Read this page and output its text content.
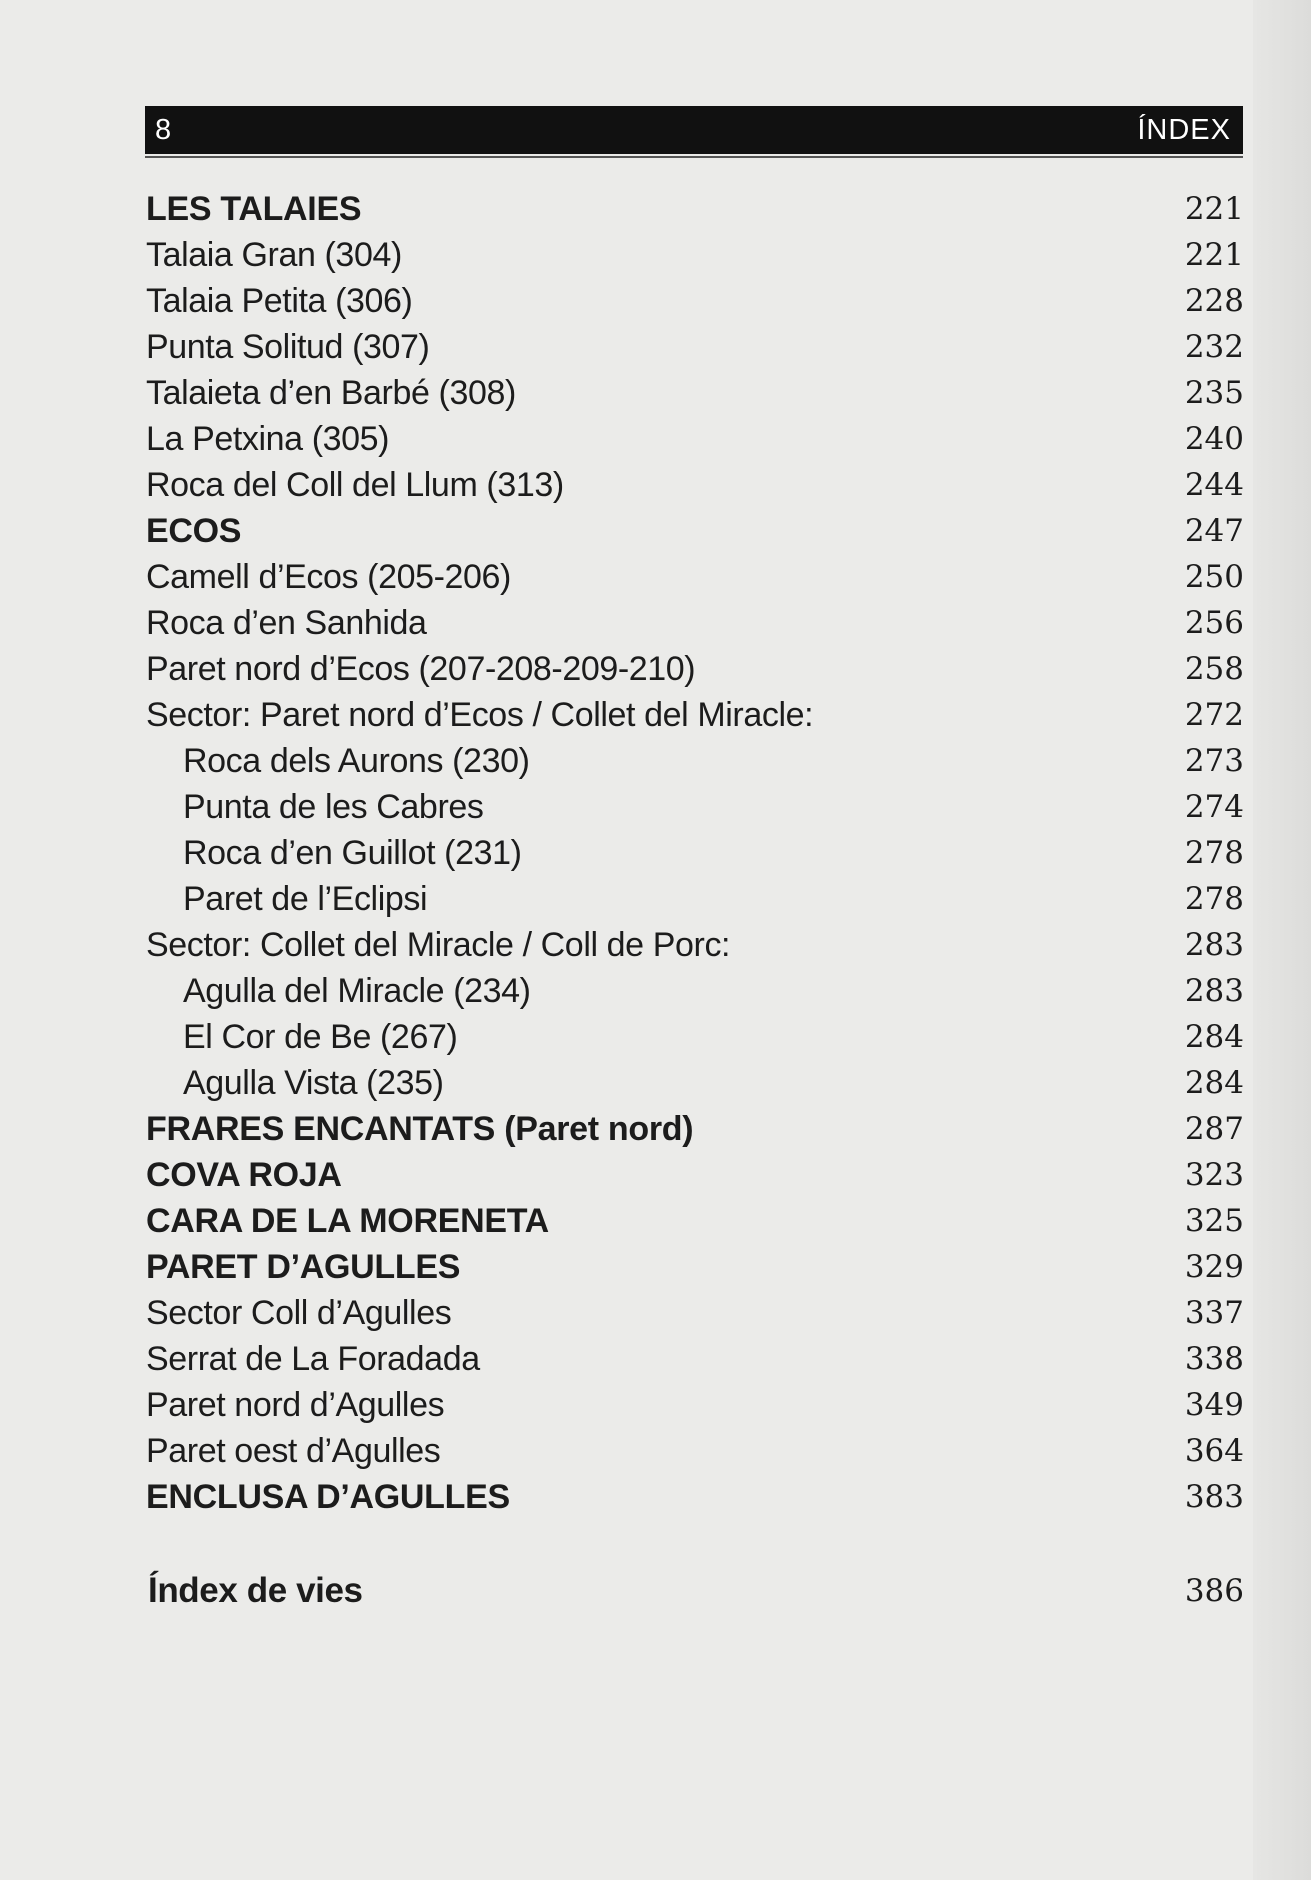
8	ÍNDEX
LES TALAIES	221
Talaia Gran (304)	221
Talaia Petita (306)	228
Punta Solitud (307)	232
Talaieta d’en Barbé (308)	235
La Petxina (305)	240
Roca del Coll del Llum (313)	244
ECOS	247
Camell d’Ecos (205-206)	250
Roca d’en Sanhida	256
Paret nord d’Ecos (207-208-209-210)	258
Sector: Paret nord d’Ecos / Collet del Miracle:	272
Roca dels Aurons (230)	273
Punta de les Cabres	274
Roca d’en Guillot (231)	278
Paret de l’Eclipsi	278
Sector: Collet del Miracle / Coll de Porc:	283
Agulla del Miracle (234)	283
El Cor de Be (267)	284
Agulla Vista (235)	284
FRARES ENCANTATS (Paret nord)	287
COVA ROJA	323
CARA DE LA MORENETA	325
PARET D’AGULLES	329
Sector Coll d’Agulles	337
Serrat de La Foradada	338
Paret nord d’Agulles	349
Paret oest d’Agulles	364
ENCLUSA D’AGULLES	383
Índex de vies	386
